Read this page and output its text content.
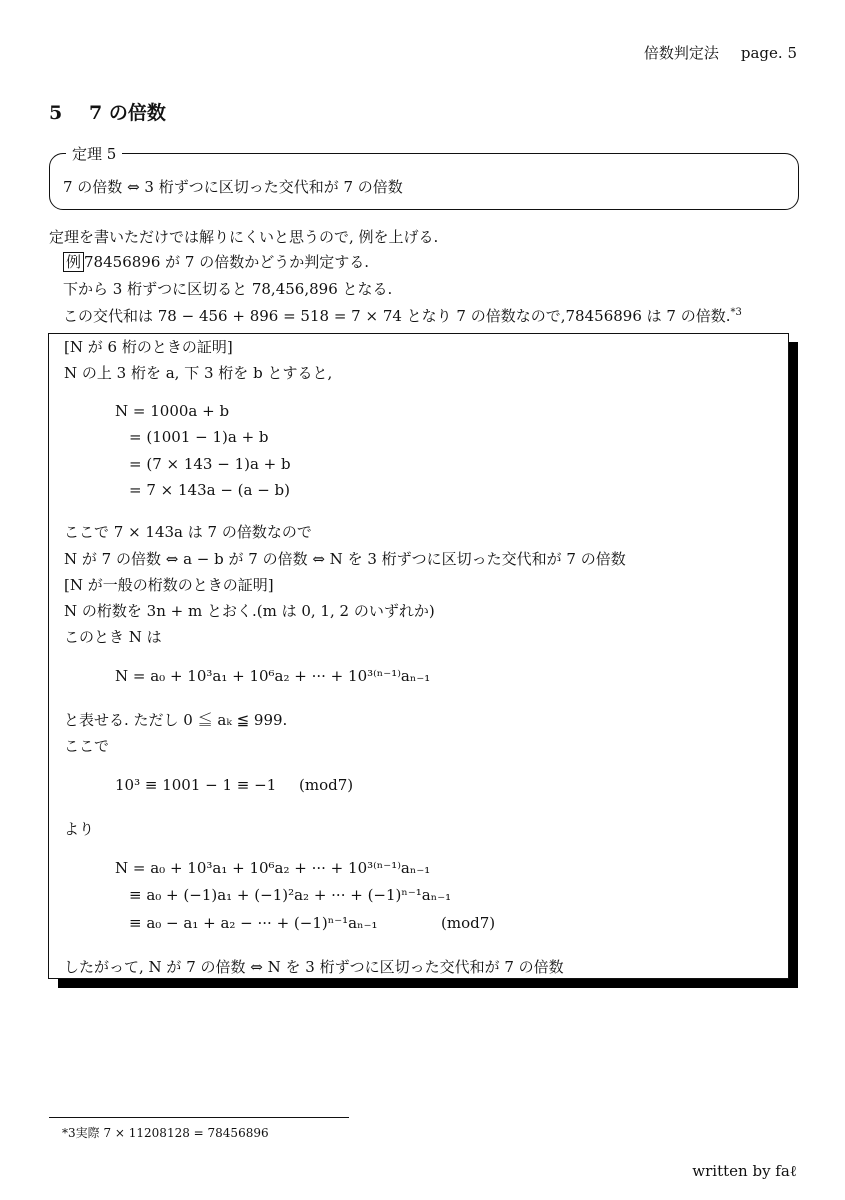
倍数判定法 page. 5
5 7 の倍数
定理 5
7 の倍数 ⇔ 3 桁ずつに区切った交代和が 7 の倍数
定理を書いただけでは解りにくいと思うので, 例を上げる.
例 78456896 が 7 の倍数かどうか判定する.
下から 3 桁ずつに区切ると 78,456,896 となる.
この交代和は 78 − 456 + 896 = 518 = 7 × 74 となり 7 の倍数なので,78456896 は 7 の倍数.$^{*3}$
[N が 6 桁のときの証明]
N の上 3 桁を a, 下 3 桁を b とすると,
N = 1000a + b
= (1001 − 1)a + b
= (7 × 143 − 1)a + b
= 7 × 143a − (a − b)
ここで 7 × 143a は 7 の倍数なので
N が 7 の倍数 ⇔ a − b が 7 の倍数 ⇔ N を 3 桁ずつに区切った交代和が 7 の倍数
[N が一般の桁数のときの証明]
N の桁数を 3n + m とおく.(m は 0, 1, 2 のいずれか)
このとき N は
N = a₀ + 10³a₁ + 10⁶a₂ + ··· + 10³⁽ⁿ⁻¹⁾aₙ₋₁
と表せる. ただし 0 ≦ aₖ ≦ 999.
ここで
10³ ≡ 1001 − 1 ≡ −1 (mod7)
より
N = a₀ + 10³a₁ + 10⁶a₂ + ··· + 10³⁽ⁿ⁻¹⁾aₙ₋₁
≡ a₀ + (−1)a₁ + (−1)²a₂ + ··· + (−1)ⁿ⁻¹aₙ₋₁
≡ a₀ − a₁ + a₂ − ··· + (−1)ⁿ⁻¹aₙ₋₁	(mod7)
したがって, N が 7 の倍数 ⇔ N を 3 桁ずつに区切った交代和が 7 の倍数
*3実際 7 × 11208128 = 78456896
written by faℓ
